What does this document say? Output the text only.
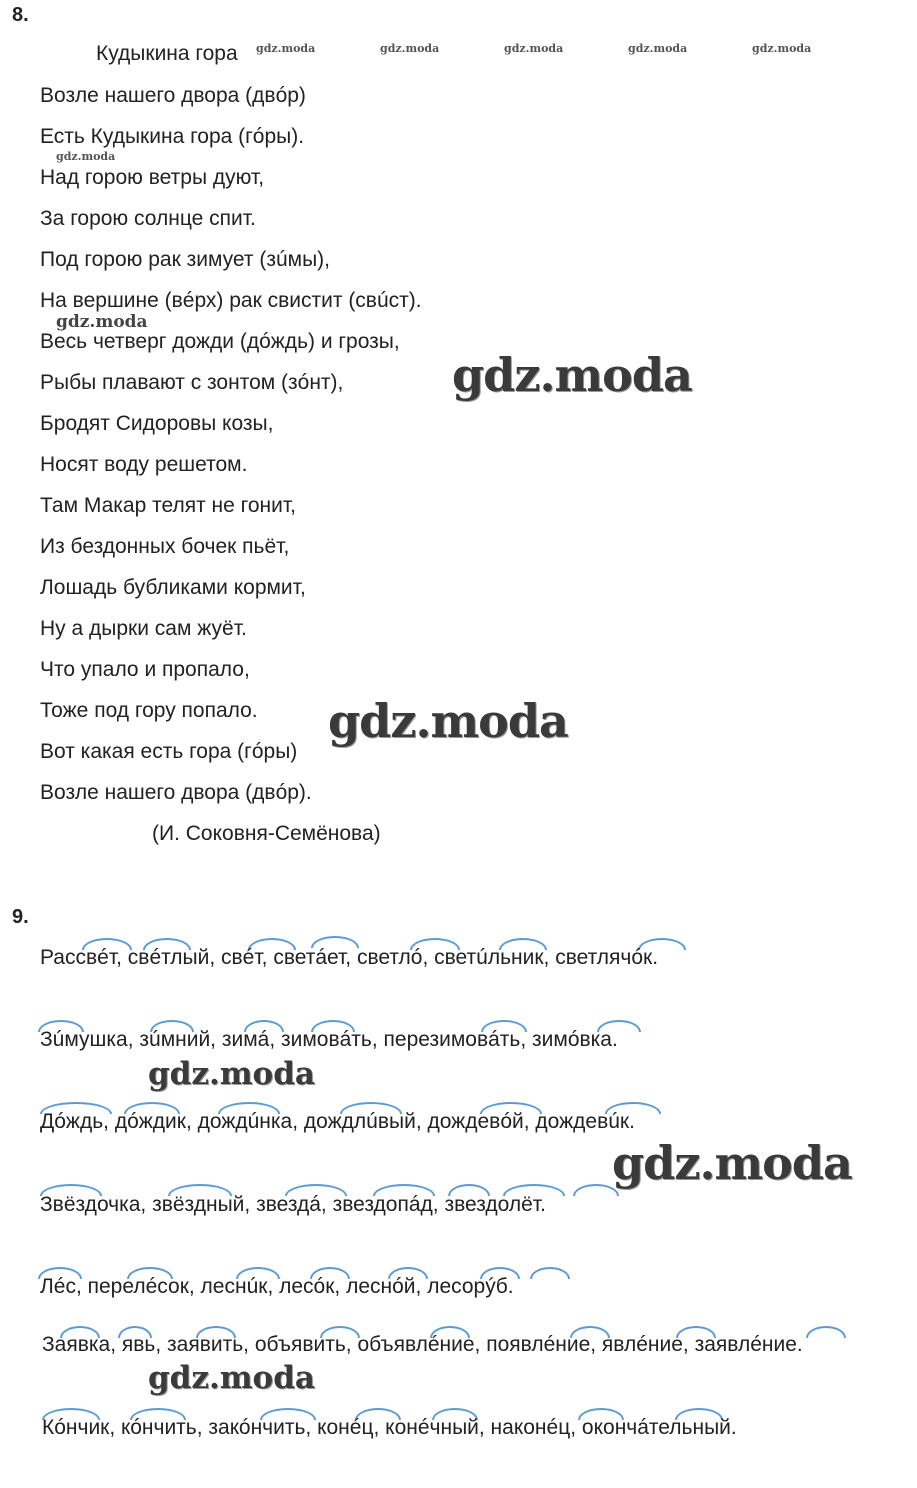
8.
Кудыкина гора
Возле нашего двора (двóр)
Есть Кудыкина гора (гóры).
Над горою ветры дуют,
За горою солнце спит.
Под горою рак зимует (зúмы),
На вершине (вéрх) рак свистит (свúст).
Весь четверг дожди (дóждь) и грозы,
Рыбы плавают с зонтом (зóнт),
Бродят Сидоровы козы,
Носят воду решетом.
Там Макар телят не гонит,
Из бездонных бочек пьёт,
Лошадь бубликами кормит,
Ну а дырки сам жуёт.
Что упало и пропало,
Тоже под гору попало.
Вот какая есть гора (гóры)
Возле нашего двора (двóр).
(И. Соковня-Семёнова)
9.
Рассвéт, свéтлый, свéт, светáет, светлó, светúльник, светлячóк.
Зúмушка, зúмний, зимá, зимовáть, перезимовáть, зимóвка.
Дóждь, дóждик, дождúнка, дождлúвый, дождевóй, дождевúк.
Звёздочка, звёздный, звездá, звездопáд, звездолёт.
Лéс, перелéсок, леснúк, лесóк, леснóй, лесорýб.
Заявка, явь, заявить, объявить, объявлéние, появлéние, явлéние, заявлéние.
Кóнчик, кóнчить, закóнчить, конéц, конéчный, наконéц, окончáтельный.
gdz.moda	gdz.moda	gdz.moda	gdz.moda	gdz.moda
gdz.moda
gdz.moda
gdz.moda
gdz.moda
gdz.moda
gdz.moda
gdz.moda
